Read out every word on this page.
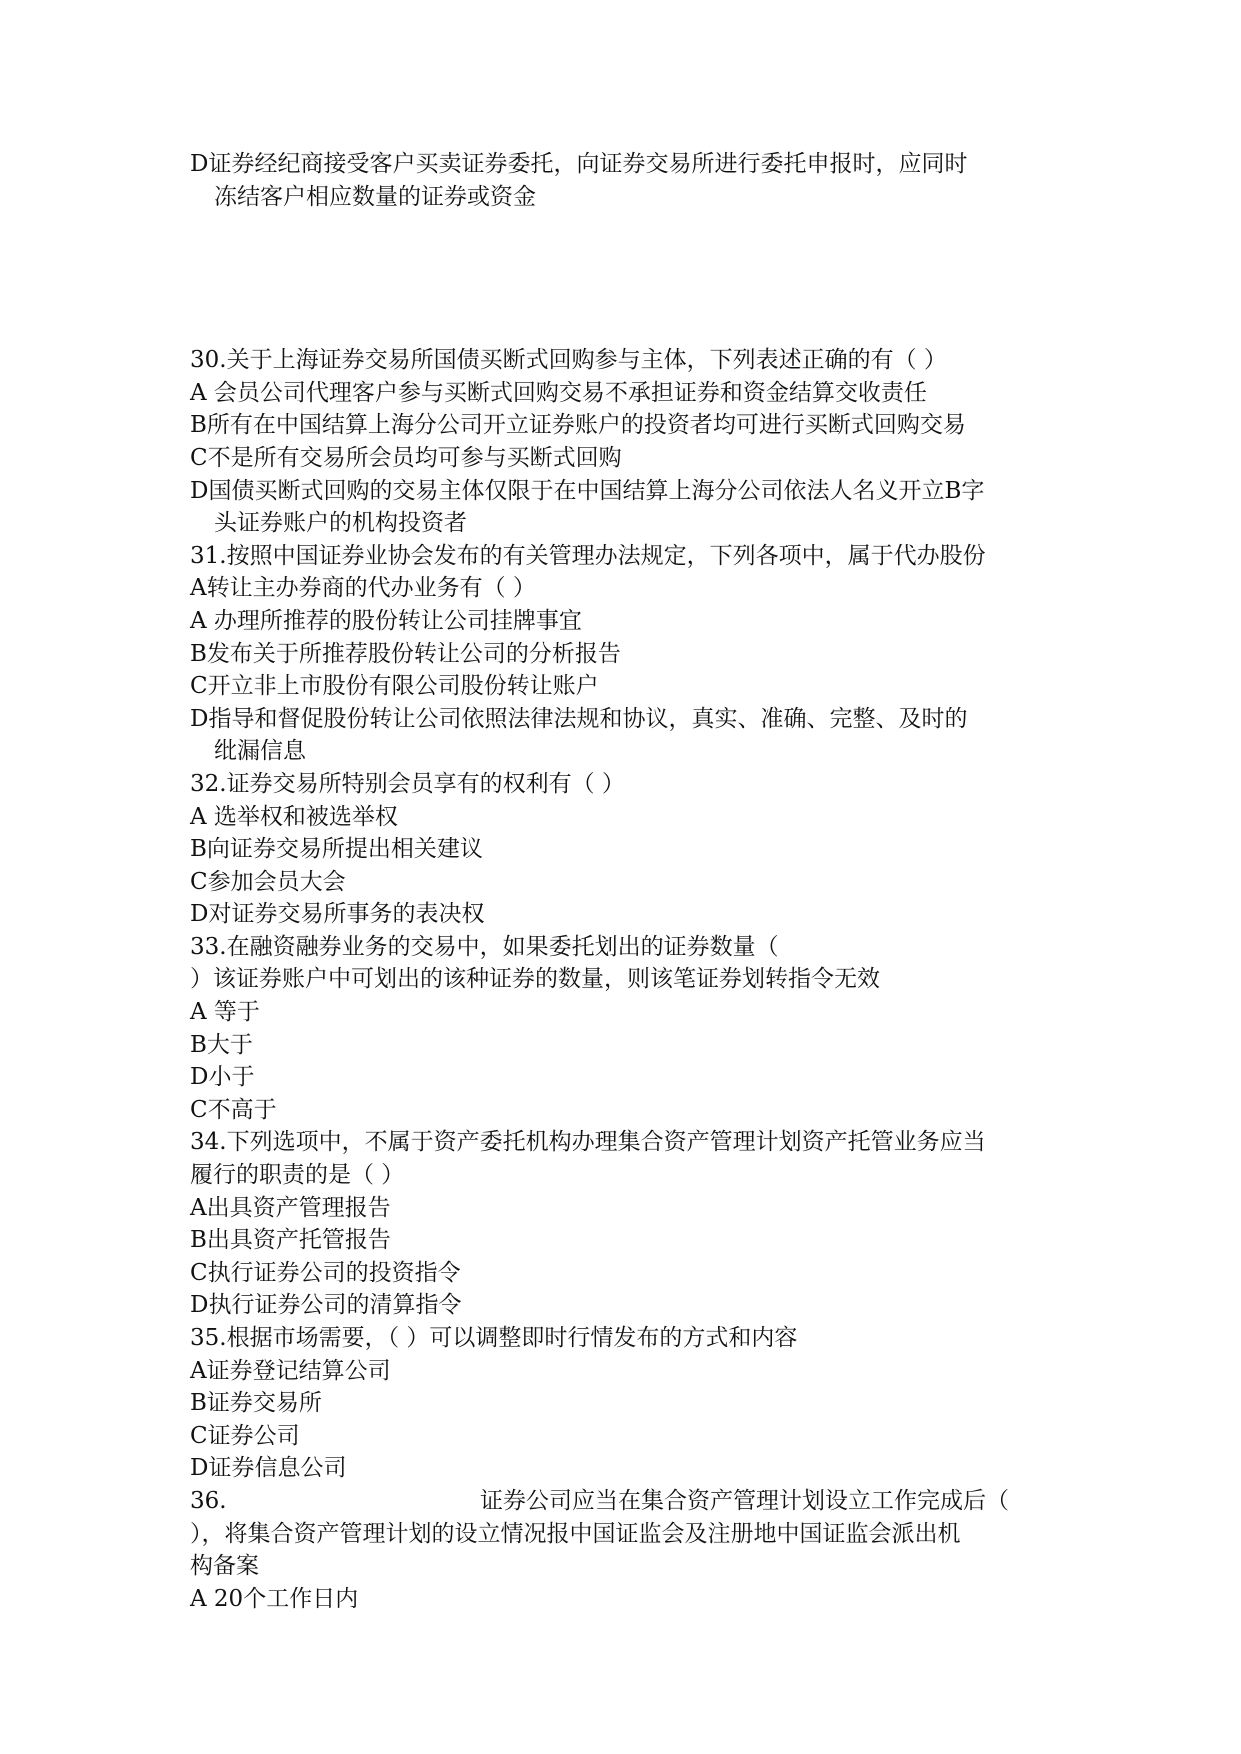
D证券经纪商接受客户买卖证券委托，向证券交易所进行委托申报时，应同时
冻结客户相应数量的证券或资金
30.关于上海证券交易所国债买断式回购参与主体，下列表述正确的有（ ）
A 会员公司代理客户参与买断式回购交易不承担证券和资金结算交收责任
B所有在中国结算上海分公司开立证券账户的投资者均可进行买断式回购交易
C不是所有交易所会员均可参与买断式回购
D国债买断式回购的交易主体仅限于在中国结算上海分公司依法人名义开立B字
头证券账户的机构投资者
31.按照中国证券业协会发布的有关管理办法规定，下列各项中，属于代办股份
A转让主办券商的代办业务有（ ）
A 办理所推荐的股份转让公司挂牌事宜
B发布关于所推荐股份转让公司的分析报告
C开立非上市股份有限公司股份转让账户
D指导和督促股份转让公司依照法律法规和协议，真实、准确、完整、及时的
纰漏信息
32.证券交易所特别会员享有的权利有（ ）
A 选举权和被选举权
B向证券交易所提出相关建议
C参加会员大会
D对证券交易所事务的表决权
33.在融资融券业务的交易中，如果委托划出的证券数量（
）该证券账户中可划出的该种证券的数量，则该笔证券划转指令无效
A 等于
B大于
D小于
C不高于
34.下列选项中，不属于资产委托机构办理集合资产管理计划资产托管业务应当
履行的职责的是（ ）
A出具资产管理报告
B出具资产托管报告
C执行证券公司的投资指令
D执行证券公司的清算指令
35.根据市场需要，（ ）可以调整即时行情发布的方式和内容
A证券登记结算公司
B证券交易所
C证券公司
D证券信息公司
36.	证券公司应当在集合资产管理计划设立工作完成后（
），将集合资产管理计划的设立情况报中国证监会及注册地中国证监会派出机
构备案
A 20个工作日内
